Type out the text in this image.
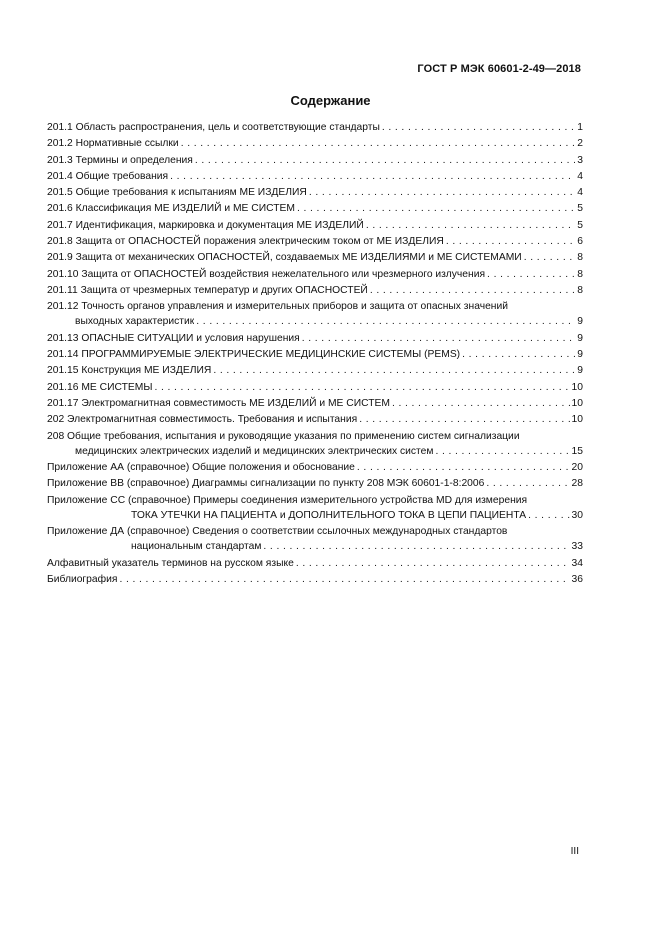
ГОСТ Р МЭК 60601-2-49—2018
Содержание
201.1 Область распространения, цель и соответствующие стандарты . . .	1
201.2 Нормативные ссылки . . .	2
201.3 Термины и определения . . .	3
201.4 Общие требования . . .	4
201.5 Общие требования к испытаниям МЕ ИЗДЕЛИЯ . . .	4
201.6 Классификация МЕ ИЗДЕЛИЙ и МЕ СИСТЕМ . . .	5
201.7 Идентификация, маркировка и документация МЕ ИЗДЕЛИЙ . . .	5
201.8 Защита от ОПАСНОСТЕЙ поражения электрическим током от МЕ ИЗДЕЛИЯ . . .	6
201.9 Защита от механических ОПАСНОСТЕЙ, создаваемых МЕ ИЗДЕЛИЯМИ и МЕ СИСТЕМАМИ . . .	8
201.10 Защита от ОПАСНОСТЕЙ воздействия нежелательного или чрезмерного излучения . . .	8
201.11 Защита от чрезмерных температур и других ОПАСНОСТЕЙ . . .	8
201.12 Точность органов управления и измерительных приборов и защита от опасных значений
выходных характеристик . . .	9
201.13 ОПАСНЫЕ СИТУАЦИИ и условия нарушения . . .	9
201.14 ПРОГРАММИРУЕМЫЕ ЭЛЕКТРИЧЕСКИЕ МЕДИЦИНСКИЕ СИСТЕМЫ (PEMS) . . .	9
201.15 Конструкция МЕ ИЗДЕЛИЯ . . .	9
201.16 МЕ СИСТЕМЫ . . .	10
201.17 Электромагнитная совместимость МЕ ИЗДЕЛИЙ и МЕ СИСТЕМ . . .	10
202 Электромагнитная совместимость. Требования и испытания . . .	10
208 Общие требования, испытания и руководящие указания по применению систем сигнализации
медицинских электрических изделий и медицинских электрических систем . . .	15
Приложение АА (справочное) Общие положения и обоснование . . .	20
Приложение ВВ (справочное) Диаграммы сигнализации по пункту 208 МЭК 60601-1-8:2006 . . .	28
Приложение СС (справочное) Примеры соединения измерительного устройства MD для измерения
ТОКА УТЕЧКИ НА ПАЦИЕНТА и ДОПОЛНИТЕЛЬНОГО ТОКА В ЦЕПИ ПАЦИЕНТА . . .	30
Приложение ДА (справочное) Сведения о соответствии ссылочных международных стандартов
национальным стандартам . . .	33
Алфавитный указатель терминов на русском языке . . .	34
Библиография . . .	36
III
